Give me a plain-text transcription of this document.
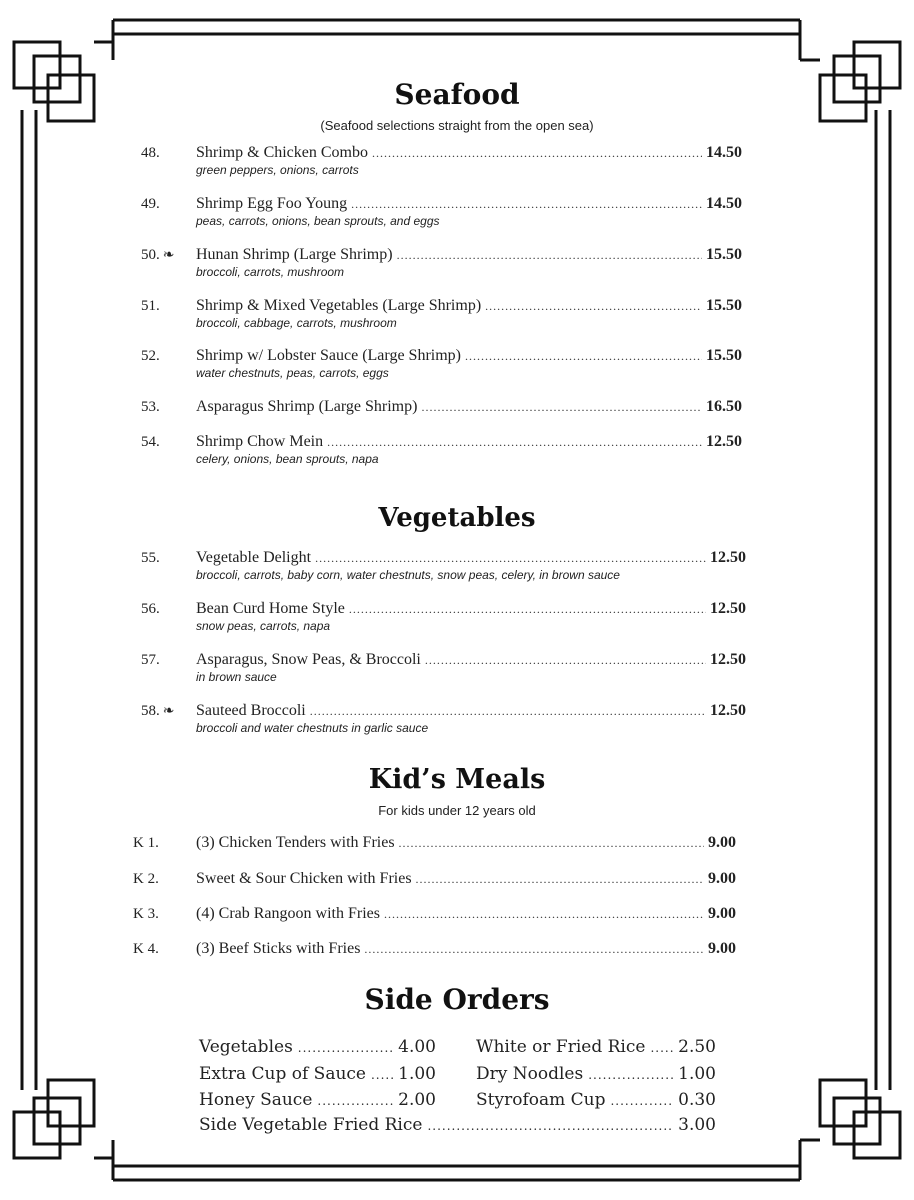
Seafood
(Seafood selections straight from the open sea)
48. Shrimp & Chicken Combo .....	14.50
green peppers, onions, carrots
49. Shrimp Egg Foo Young .....	14.50
peas, carrots, onions, bean sprouts, and eggs
50. ❧ Hunan Shrimp (Large Shrimp) .....	15.50
broccoli, carrots, mushroom
51. Shrimp & Mixed Vegetables (Large Shrimp) .....	15.50
broccoli, cabbage, carrots, mushroom
52. Shrimp w/ Lobster Sauce (Large Shrimp) .....	15.50
water chestnuts, peas, carrots, eggs
53. Asparagus Shrimp (Large Shrimp) .....	16.50
54. Shrimp Chow Mein .....	12.50
celery, onions, bean sprouts, napa
Vegetables
55. Vegetable Delight .....	12.50
broccoli, carrots, baby corn, water chestnuts, snow peas, celery, in brown sauce
56. Bean Curd Home Style .....	12.50
snow peas, carrots, napa
57. Asparagus, Snow Peas, & Broccoli .....	12.50
in brown sauce
58. ❧ Sauteed Broccoli .....	12.50
broccoli and water chestnuts in garlic sauce
Kid’s Meals
For kids under 12 years old
K 1. (3) Chicken Tenders with Fries .....	9.00
K 2. Sweet & Sour Chicken with Fries .....	9.00
K 3. (4) Crab Rangoon with Fries .....	9.00
K 4. (3) Beef Sticks with Fries .....	9.00
Side Orders
Vegetables .....	4.00
Extra Cup of Sauce ..... 1.00
Honey Sauce .....	2.00
White or Fried Rice ..... 2.50
Dry Noodles .....	1.00
Styrofoam Cup .....	0.30
Side Vegetable Fried Rice .....	3.00
